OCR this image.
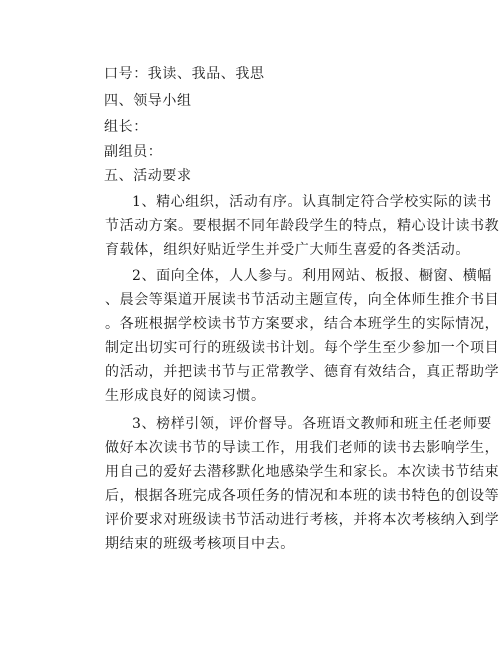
口号：我读、我品、我思
四、领导小组
组长：
副组员：
五、活动要求
1、精心组织，活动有序。认真制定符合学校实际的读书
节活动方案。要根据不同年龄段学生的特点，精心设计读书教
育载体，组织好贴近学生并受广大师生喜爱的各类活动。
2、面向全体，人人参与。利用网站、板报、橱窗、横幅
、晨会等渠道开展读书节活动主题宣传，向全体师生推介书目
。各班根据学校读书节方案要求，结合本班学生的实际情况，
制定出切实可行的班级读书计划。每个学生至少参加一个项目
的活动，并把读书节与正常教学、德育有效结合，真正帮助学
生形成良好的阅读习惯。
3、榜样引领，评价督导。各班语文教师和班主任老师要
做好本次读书节的导读工作，用我们老师的读书去影响学生，
用自己的爱好去潜移默化地感染学生和家长。本次读书节结束
后，根据各班完成各项任务的情况和本班的读书特色的创设等
评价要求对班级读书节活动进行考核，并将本次考核纳入到学
期结束的班级考核项目中去。
